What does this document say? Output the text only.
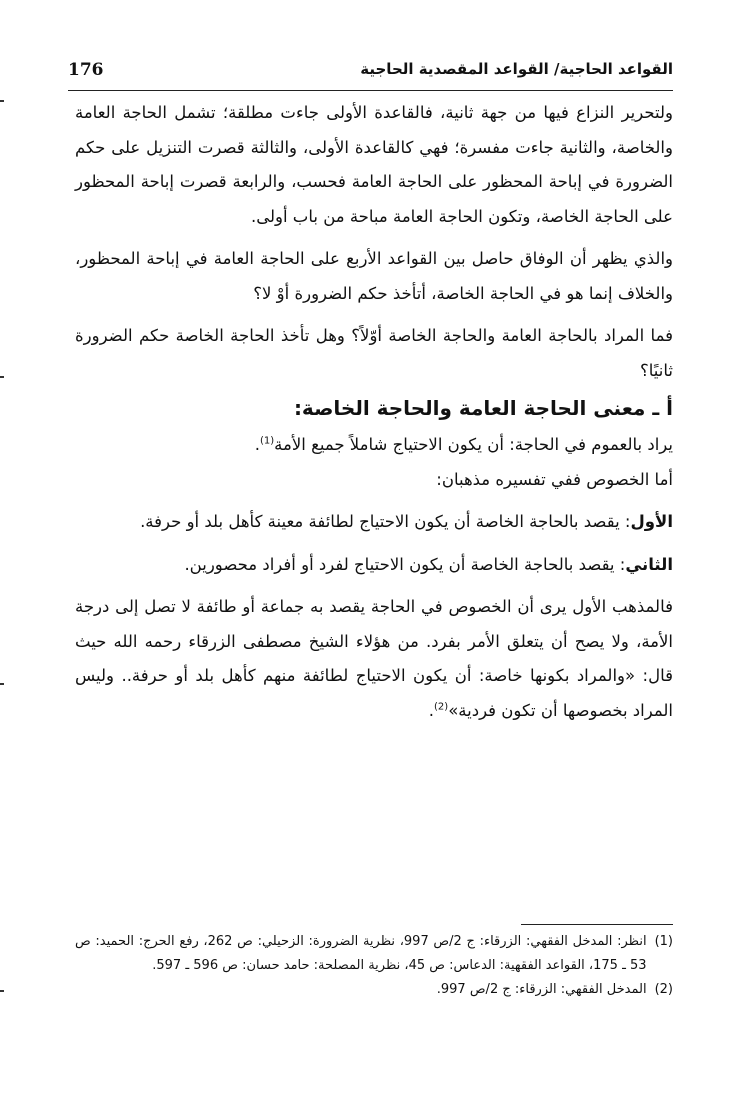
176	القواعد الحاجية/ القواعد المقصدية الحاجية

ولتحرير النزاع فيها من جهة ثانية، فالقاعدة الأولى جاءت مطلقة؛ تشمل الحاجة العامة والخاصة، والثانية جاءت مفسرة؛ فهي كالقاعدة الأولى، والثالثة قصرت التنزيل على حكم الضرورة في إباحة المحظور على الحاجة العامة فحسب، والرابعة قصرت إباحة المحظور على الحاجة الخاصة، وتكون الحاجة العامة مباحة من باب أولى.

والذي يظهر أن الوفاق حاصل بين القواعد الأربع على الحاجة العامة في إباحة المحظور، والخلاف إنما هو في الحاجة الخاصة، أتأخذ حكم الضرورة أوْ لا؟

فما المراد بالحاجة العامة والحاجة الخاصة أوّلاً؟ وهل تأخذ الحاجة الخاصة حكم الضرورة ثانيًا؟

أ ـ معنى الحاجة العامة والحاجة الخاصة:

يراد بالعموم في الحاجة: أن يكون الاحتياج شاملاً جميع الأمة$^{(1)}$.

أما الخصوص ففي تفسيره مذهبان:

الأول: يقصد بالحاجة الخاصة أن يكون الاحتياج لطائفة معينة كأهل بلد أو حرفة.

الثاني: يقصد بالحاجة الخاصة أن يكون الاحتياج لفرد أو أفراد محصورين.

فالمذهب الأول يرى أن الخصوص في الحاجة يقصد به جماعة أو طائفة لا تصل إلى درجة الأمة، ولا يصح أن يتعلق الأمر بفرد. من هؤلاء الشيخ مصطفى الزرقاء رحمه الله حيث قال: «والمراد بكونها خاصة: أن يكون الاحتياج لطائفة منهم كأهل بلد أو حرفة.. وليس المراد بخصوصها أن تكون فردية»$^{(2)}$.

(1)
انظر: المدخل الفقهي: الزرقاء: ج 2/ص 997، نظرية الضرورة: الزحيلي: ص 262، رفع الحرج: الحميد: ص 53 ـ 175، القواعد الفقهية: الدعاس: ص 45، نظرية المصلحة: حامد حسان: ص 596 ـ 597.
(2)
المدخل الفقهي: الزرقاء: ج 2/ص 997.
